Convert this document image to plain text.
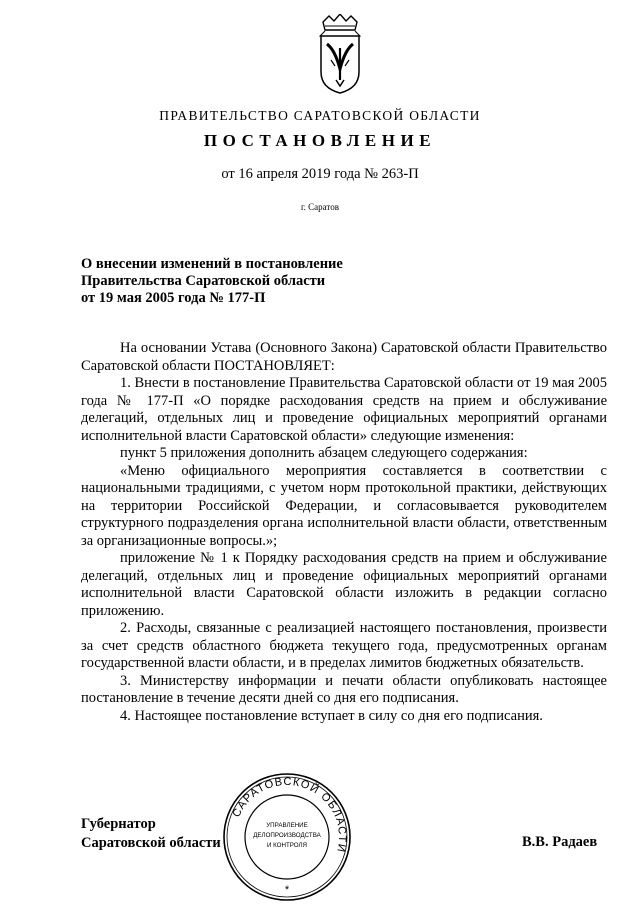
ПРАВИТЕЛЬСТВО САРАТОВСКОЙ ОБЛАСТИ
ПОСТАНОВЛЕНИЕ
от 16 апреля 2019 года № 263-П
г. Саратов
О внесении изменений в постановление
Правительства Саратовской области
от 19 мая 2005 года № 177-П

На основании Устава (Основного Закона) Саратовской области Правительство Саратовской области ПОСТАНОВЛЯЕТ:

1. Внести в постановление Правительства Саратовской области от 19 мая 2005 года № 177-П «О порядке расходования средств на прием и обслуживание делегаций, отдельных лиц и проведение официальных мероприятий органами исполнительной власти Саратовской области» следующие изменения:

пункт 5 приложения дополнить абзацем следующего содержания:

«Меню официального мероприятия составляется в соответствии с национальными традициями, с учетом норм протокольной практики, действующих на территории Российской Федерации, и согласовывается руководителем структурного подразделения органа исполнительной власти области, ответственным за организационные вопросы.»;

приложение № 1 к Порядку расходования средств на прием и обслуживание делегаций, отдельных лиц и проведение официальных мероприятий органами исполнительной власти Саратовской области изложить в редакции согласно приложению.

2. Расходы, связанные с реализацией настоящего постановления, произвести за счет средств областного бюджета текущего года, предусмотренных органам государственной власти области, и в пределах лимитов бюджетных обязательств.

3. Министерству информации и печати области опубликовать настоящее постановление в течение десяти дней со дня его подписания.

4. Настоящее постановление вступает в силу со дня его подписания.

Губернатор
Саратовской области	В.В. Радаев
САРАТОВСКОЙ ОБЛАСТИ
УПРАВЛЕНИЕ
ДЕЛОПРОИЗВОДСТВА
И КОНТРОЛЯ
*
